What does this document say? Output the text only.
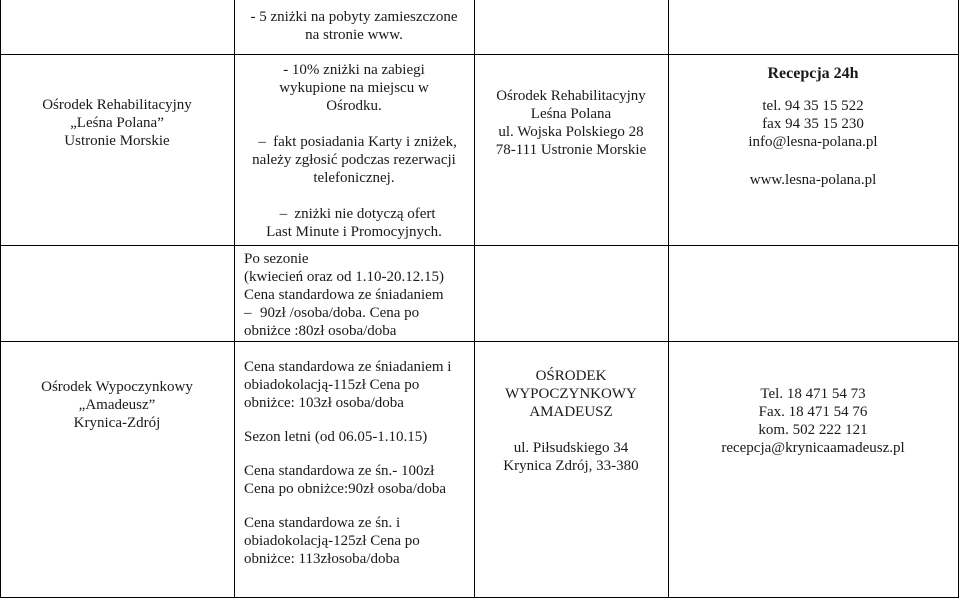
Ośrodek Rehabilitacyjny
„Leśna Polana”
Ustronie Morskie
- 5 zniżki na pobyty zamieszczone
na stronie www.
- 10% zniżki na zabiegi
wykupione na miejscu w
Ośrodku.
– fakt posiadania Karty i zniżek,
należy zgłosić podczas rezerwacji
telefonicznej.
– zniżki nie dotyczą ofert
Last Minute i Promocyjnych.
Po sezonie
(kwiecień oraz od 1.10-20.12.15)
Cena standardowa ze śniadaniem
– 90zł /osoba/doba. Cena po
obniżce :80zł osoba/doba
Ośrodek Rehabilitacyjny
Leśna Polana
ul. Wojska Polskiego 28
78-111 Ustronie Morskie
Recepcja 24h
tel. 94 35 15 522
fax 94 35 15 230
info@lesna-polana.pl
www.lesna-polana.pl
Ośrodek Wypoczynkowy
„Amadeusz”
Krynica-Zdrój
Cena standardowa ze śniadaniem i
obiadokolacją-115zł Cena po
obniżce: 103zł osoba/doba
Sezon letni (od 06.05-1.10.15)
Cena standardowa ze śn.- 100zł
Cena po obniżce:90zł osoba/doba
Cena standardowa ze śn. i
obiadokolacją-125zł Cena po
obniżce: 113złosoba/doba
OŚRODEK
WYPOCZYNKOWY
AMADEUSZ
ul. Piłsudskiego 34
Krynica Zdrój, 33-380
Tel. 18 471 54 73
Fax. 18 471 54 76
kom. 502 222 121
recepcja@krynicaamadeusz.pl
